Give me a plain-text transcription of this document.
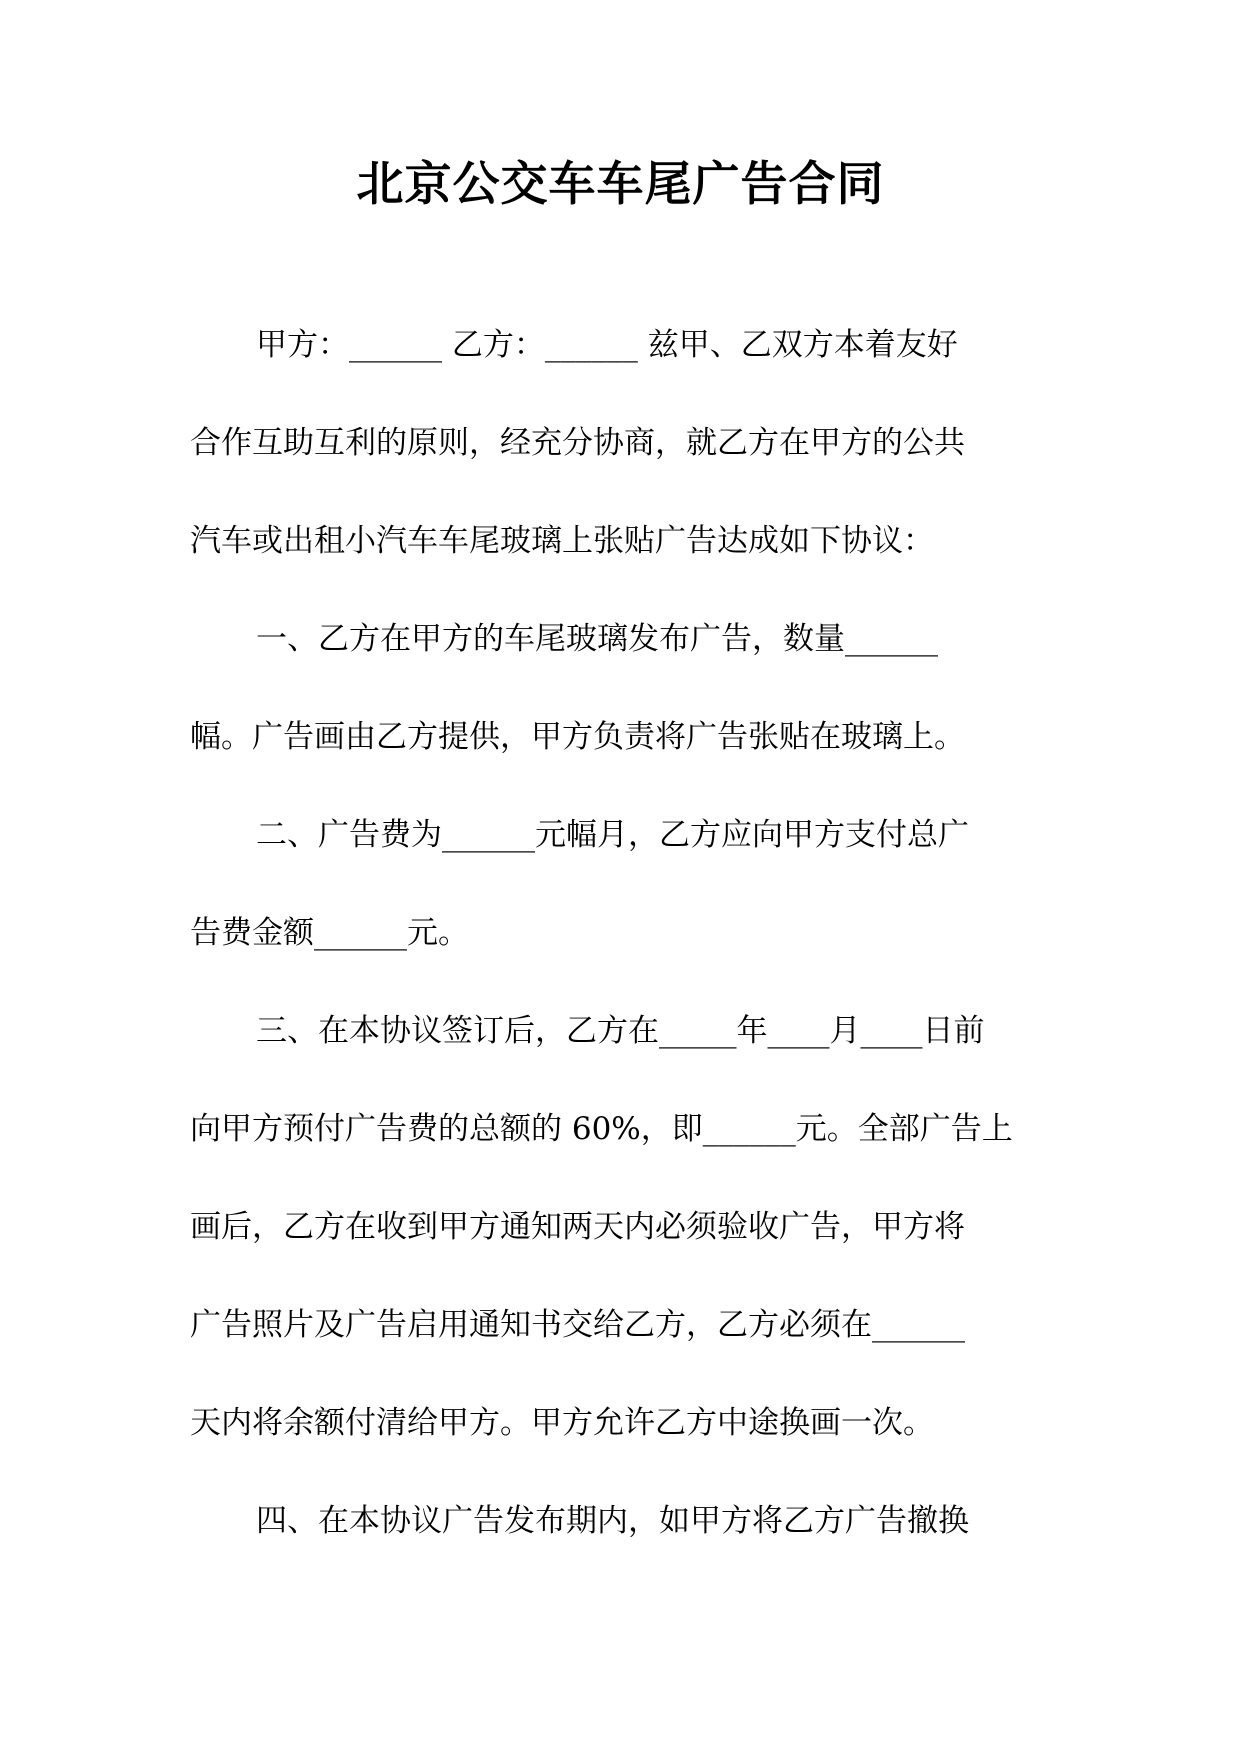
北京公交车车尾广告合同
甲方：______ 乙方：______ 兹甲、乙双方本着友好
合作互助互利的原则，经充分协商，就乙方在甲方的公共
汽车或出租小汽车车尾玻璃上张贴广告达成如下协议：
一、乙方在甲方的车尾玻璃发布广告，数量______
幅。广告画由乙方提供，甲方负责将广告张贴在玻璃上。
二、广告费为______元幅月，乙方应向甲方支付总广
告费金额______元。
三、在本协议签订后，乙方在_____年____月____日前
向甲方预付广告费的总额的 60%，即______元。全部广告上
画后，乙方在收到甲方通知两天内必须验收广告，甲方将
广告照片及广告启用通知书交给乙方，乙方必须在______
天内将余额付清给甲方。甲方允许乙方中途换画一次。
四、在本协议广告发布期内，如甲方将乙方广告撤换
